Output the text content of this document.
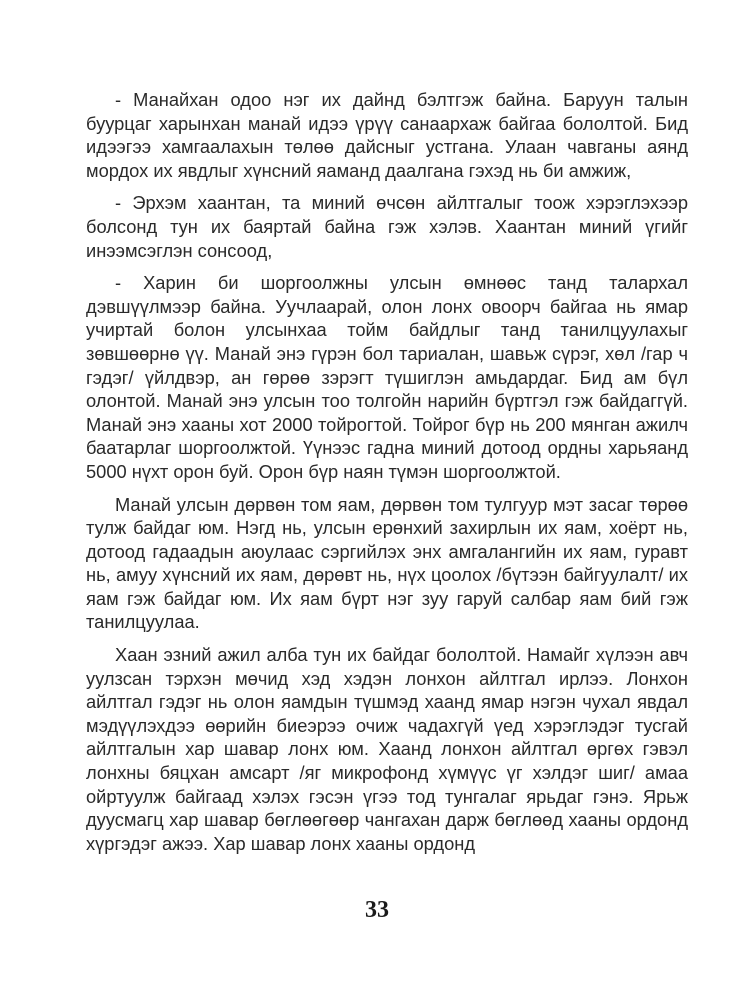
- Манайхан одоо нэг их дайнд бэлтгэж байна. Баруун талын буурцаг харынхан манай идээ үрүү санаархаж байгаа бололтой. Бид идээгээ хамгаалахын төлөө дайсныг устгана. Улаан чавганы аянд мордох их явдлыг хүнсний яаманд даалгана гэхэд нь би амжиж,

- Эрхэм хаантан, та миний өчсөн айлтгалыг тоож хэрэглэхээр болсонд тун их баяртай байна гэж хэлэв. Хаантан миний үгийг инээмсэглэн сонсоод,

- Харин би шоргоолжны улсын өмнөөс танд талархал дэвшүүлмээр байна. Уучлаарай, олон лонх овоорч байгаа нь ямар учиртай болон улсынхаа тойм байдлыг танд танилцуулахыг зөвшөөрнө үү. Манай энэ гүрэн бол тариалан, шавьж сүрэг, хөл /гар ч гэдэг/ үйлдвэр, ан гөрөө зэрэгт түшиглэн амьдардаг. Бид ам бүл олонтой. Манай энэ улсын тоо толгойн нарийн бүртгэл гэж байдаггүй. Манай энэ хааны хот 2000 тойрогтой. Тойрог бүр нь 200 мянган ажилч баатарлаг шоргоолжтой. Үүнээс гадна миний дотоод ордны харьяанд 5000 нүхт орон буй. Орон бүр наян түмэн шоргоолжтой.

Манай улсын дөрвөн том яам, дөрвөн том тулгуур мэт засаг төрөө тулж байдаг юм. Нэгд нь, улсын ерөнхий захирлын их яам, хоёрт нь, дотоод гадаадын аюулаас сэргийлэх энх амгалангийн их яам, гуравт нь, амуу хүнсний их яам, дөрөвт нь, нүх цоолох /бүтээн байгуулалт/ их яам гэж байдаг юм. Их яам бүрт нэг зуу гаруй салбар яам бий гэж танилцуулаа.

Хаан эзний ажил алба тун их байдаг бололтой. Намайг хүлээн авч уулзсан тэрхэн мөчид хэд хэдэн лонхон айлтгал ирлээ. Лонхон айлтгал гэдэг нь олон яамдын түшмэд хаанд ямар нэгэн чухал явдал мэдүүлэхдээ өөрийн биеэрээ очиж чадахгүй үед хэрэглэдэг тусгай айлтгалын хар шавар лонх юм. Хаанд лонхон айлтгал өргөх гэвэл лонхны бяцхан амсарт /яг микрофонд хүмүүс үг хэлдэг шиг/ амаа ойртуулж байгаад хэлэх гэсэн үгээ тод тунгалаг ярьдаг гэнэ. Ярьж дуусмагц хар шавар бөглөөгөөр чангахан дарж бөглөөд хааны ордонд хүргэдэг ажээ. Хар шавар лонх хааны ордонд

33
